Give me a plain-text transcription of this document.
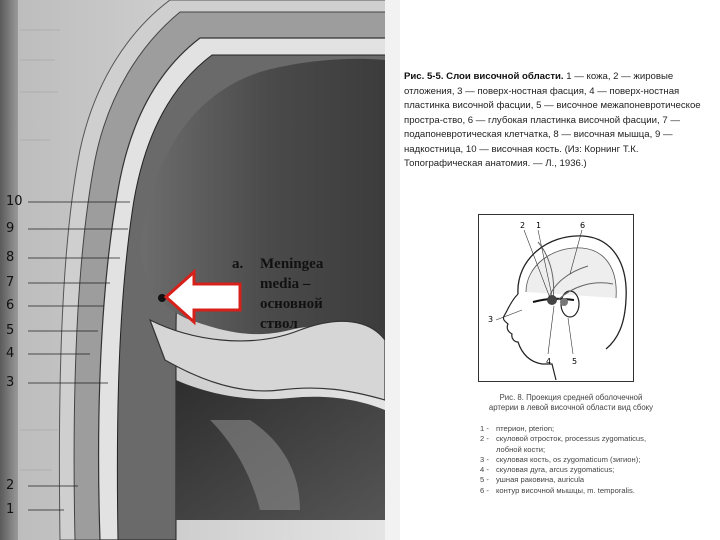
10
9
8
7
6
5
4
3
2
1
a. Meningea
media –
основной
ствол
Рис. 5-5. Слои височной области. 1 — кожа, 2 — жировые отложения, 3 — поверх-ностная фасция, 4 — поверх-ностная пластинка височной фасции, 5 — височное межапоневротическое простра-ство, 6 — глубокая пластинка височной фасции, 7 — подапоневротическая клетчатка, 8 — височная мышца, 9 — надкостница, 10 — височная кость. (Из: Корнинг Т.К. Топографическая анатомия. — Л., 1936.)
2 1	6
3
4	5
Рис. 8. Проекция средней оболочечной артерии в левой височной области вид сбоку
1 - птерион, pterion;
2 - скуловой отросток, processus zygomaticus, лобной кости;
3 - скуловая кость, os zygomaticum (зигион);
4 - скуловая дуга, arcus zygomaticus;
5 - ушная раковина, auricula
6 - контур височной мышцы, m. temporalis.
